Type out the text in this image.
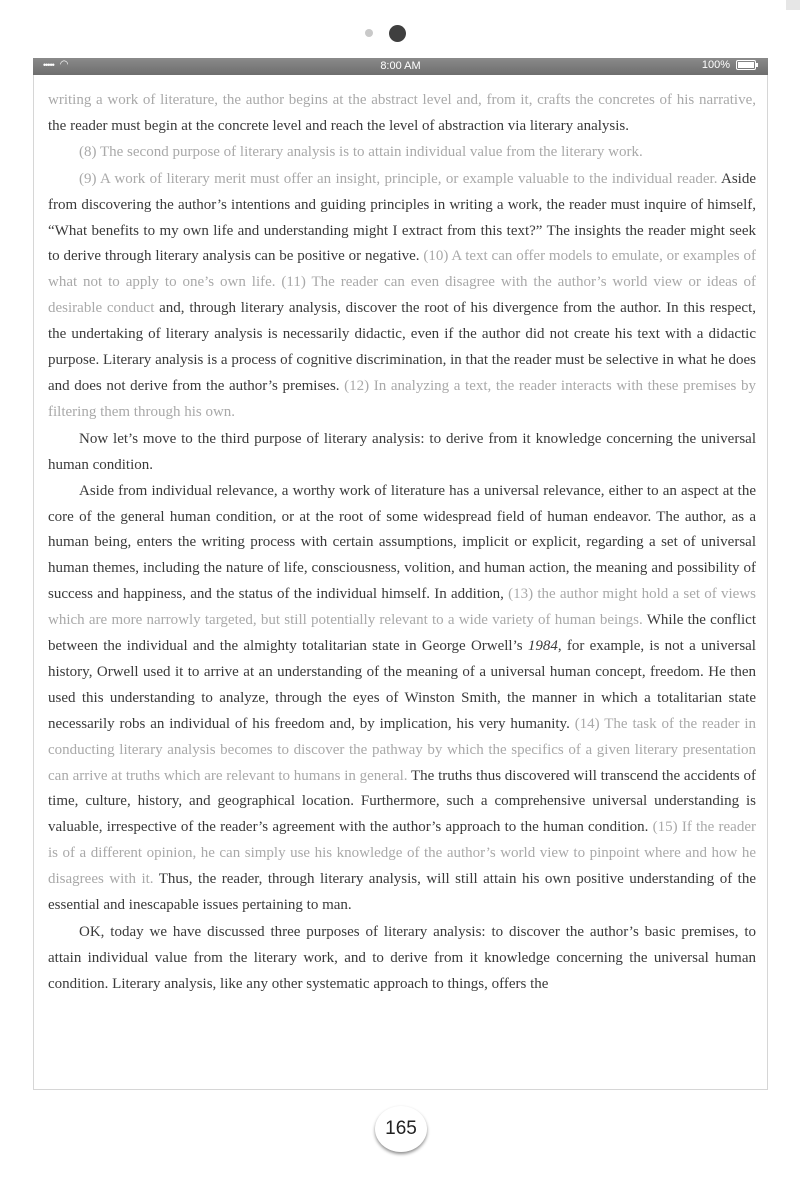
••••• ◠	8:00 AM	100%

writing a work of literature, the author begins at the abstract level and, from it, crafts the concretes of his narrative, the reader must begin at the concrete level and reach the level of abstraction via literary analysis.

(8) The second purpose of literary analysis is to attain individual value from the literary work.

(9) A work of literary merit must offer an insight, principle, or example valuable to the individual reader. Aside from discovering the author’s intentions and guiding principles in writing a work, the reader must inquire of himself, “What benefits to my own life and understanding might I extract from this text?” The insights the reader might seek to derive through literary analysis can be positive or negative. (10) A text can offer models to emulate, or examples of what not to apply to one’s own life. (11) The reader can even disagree with the author’s world view or ideas of desirable conduct and, through literary analysis, discover the root of his divergence from the author. In this respect, the undertaking of literary analysis is necessarily didactic, even if the author did not create his text with a didactic purpose. Literary analysis is a process of cognitive discrimination, in that the reader must be selective in what he does and does not derive from the author’s premises. (12) In analyzing a text, the reader interacts with these premises by filtering them through his own.

Now let’s move to the third purpose of literary analysis: to derive from it knowledge concerning the universal human condition.

Aside from individual relevance, a worthy work of literature has a universal relevance, either to an aspect at the core of the general human condition, or at the root of some widespread field of human endeavor. The author, as a human being, enters the writing process with certain assumptions, implicit or explicit, regarding a set of universal human themes, including the nature of life, consciousness, volition, and human action, the meaning and possibility of success and happiness, and the status of the individual himself. In addition, (13) the author might hold a set of views which are more narrowly targeted, but still potentially relevant to a wide variety of human beings. While the conflict between the individual and the almighty totalitarian state in George Orwell’s 1984, for example, is not a universal history, Orwell used it to arrive at an understanding of the meaning of a universal human concept, freedom. He then used this understanding to analyze, through the eyes of Winston Smith, the manner in which a totalitarian state necessarily robs an individual of his freedom and, by implication, his very humanity. (14) The task of the reader in conducting literary analysis becomes to discover the pathway by which the specifics of a given literary presentation can arrive at truths which are relevant to humans in general. The truths thus discovered will transcend the accidents of time, culture, history, and geographical location. Furthermore, such a comprehensive universal understanding is valuable, irrespective of the reader’s agreement with the author’s approach to the human condition. (15) If the reader is of a different opinion, he can simply use his knowledge of the author’s world view to pinpoint where and how he disagrees with it. Thus, the reader, through literary analysis, will still attain his own positive understanding of the essential and inescapable issues pertaining to man.

OK, today we have discussed three purposes of literary analysis: to discover the author’s basic premises, to attain individual value from the literary work, and to derive from it knowledge concerning the universal human condition. Literary analysis, like any other systematic approach to things, offers the

165
